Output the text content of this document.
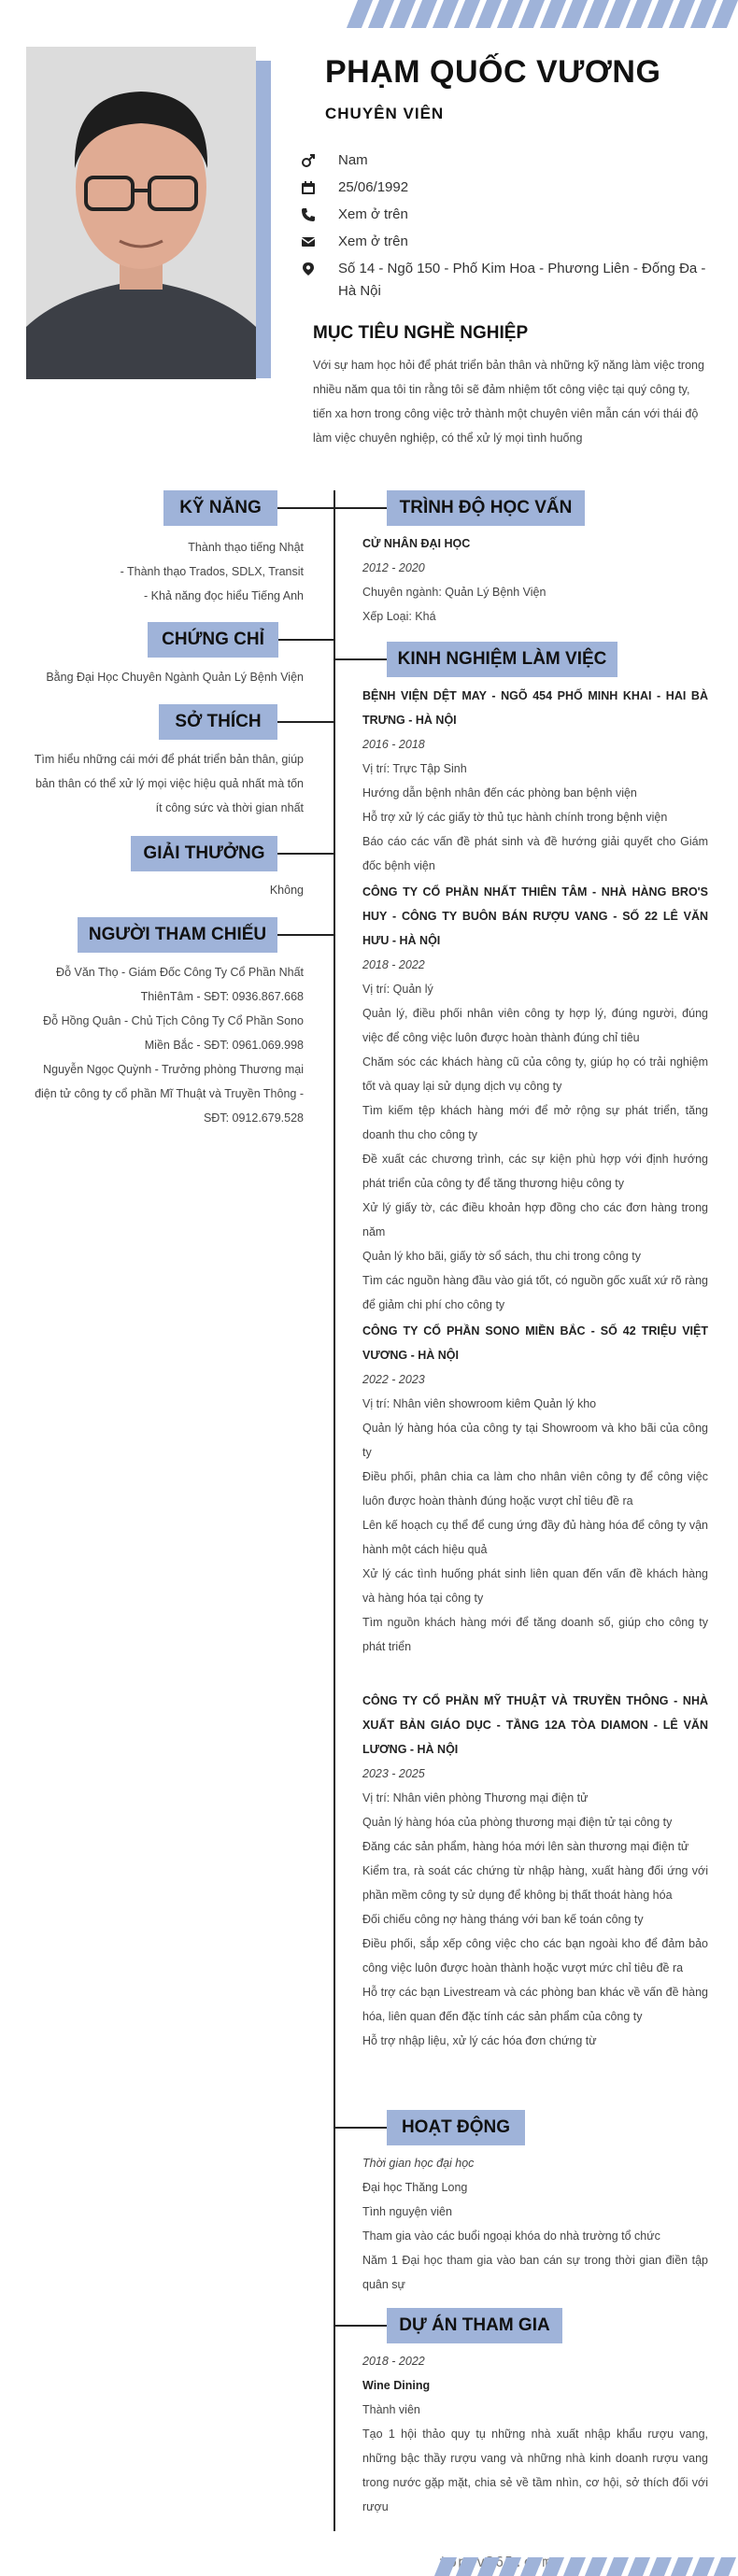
PHẠM QUỐC VƯƠNG
CHUYÊN VIÊN
Nam
25/06/1992
Xem ở trên
Xem ở trên
Số 14 - Ngõ 150 - Phố Kim Hoa - Phương Liên - Đống Đa - Hà Nội
MỤC TIÊU NGHỀ NGHIỆP
Với sự ham học hỏi để phát triển bản thân và những kỹ năng làm việc trong nhiều năm qua tôi tin rằng tôi sẽ đảm nhiệm tốt công việc tại quý công ty, tiến xa hơn trong công việc trở thành một chuyên viên mẫn cán với thái độ làm việc chuyên nghiệp, có thể xử lý mọi tình huống
KỸ NĂNG
Thành thạo tiếng Nhật
- Thành thạo Trados, SDLX, Transit
- Khả năng đọc hiểu Tiếng Anh
CHỨNG CHỈ
Bằng Đại Học Chuyên Ngành Quản Lý Bệnh Viện
SỞ THÍCH
Tìm hiểu những cái mới để phát triển bản thân, giúp
bản thân có thể xử lý mọi việc hiệu quả nhất mà tốn
ít công sức và thời gian nhất
GIẢI THƯỞNG
Không
NGƯỜI THAM CHIẾU
Đỗ Văn Thọ - Giám Đốc Công Ty Cổ Phần Nhất
ThiênTâm - SĐT: 0936.867.668
Đỗ Hồng Quân - Chủ Tịch Công Ty Cổ Phần Sono
Miền Bắc - SĐT: 0961.069.998
Nguyễn Ngọc Quỳnh - Trưởng phòng Thương mại
điện tử công ty cổ phần Mĩ Thuật và Truyền Thông -
SĐT: 0912.679.528
TRÌNH ĐỘ HỌC VẤN
CỬ NHÂN ĐẠI HỌC
2012 - 2020
Chuyên ngành: Quản Lý Bệnh Viện
Xếp Loại: Khá
KINH NGHIỆM LÀM VIỆC
BỆNH VIỆN DỆT MAY - NGÕ 454 PHỐ MINH KHAI - HAI BÀ TRƯNG - HÀ NỘI
2016 - 2018
Vị trí: Trực Tập Sinh
Hướng dẫn bệnh nhân đến các phòng ban bệnh viện
Hỗ trợ xử lý các giấy tờ thủ tục hành chính trong bệnh viện
Báo cáo các vấn đề phát sinh và đề hướng giải quyết cho Giám đốc bệnh viện
CÔNG TY CỔ PHẦN NHẤT THIÊN TÂM - NHÀ HÀNG BRO'S HUY - CÔNG TY BUÔN BÁN RƯỢU VANG - SỐ 22 LÊ VĂN HƯU - HÀ NỘI
2018 - 2022
Vị trí: Quản lý
Quản lý, điều phối nhân viên công ty hợp lý, đúng người, đúng việc để công việc luôn được hoàn thành đúng chỉ tiêu
Chăm sóc các khách hàng cũ của công ty, giúp họ có trải nghiệm tốt và quay lại sử dụng dịch vụ công ty
Tìm kiếm tệp khách hàng mới để mở rộng sự phát triển, tăng doanh thu cho công ty
Đề xuất các chương trình, các sự kiện phù hợp với định hướng phát triển của công ty để tăng thương hiệu công ty
Xử lý giấy tờ, các điều khoản hợp đồng cho các đơn hàng trong năm
Quản lý kho bãi, giấy tờ sổ sách, thu chi trong công ty
Tìm các nguồn hàng đầu vào giá tốt, có nguồn gốc xuất xứ rõ ràng để giảm chi phí cho công ty
CÔNG TY CỔ PHẦN SONO MIỀN BẮC - SỐ 42 TRIỆU VIỆT VƯƠNG - HÀ NỘI
2022 - 2023
Vị trí: Nhân viên showroom kiêm Quản lý kho
Quản lý hàng hóa của công ty tại Showroom và kho bãi của công ty
Điều phối, phân chia ca làm cho nhân viên công ty để công việc luôn được hoàn thành đúng hoặc vượt chỉ tiêu đề ra
Lên kế hoạch cụ thể để cung ứng đầy đủ hàng hóa để công ty vận hành một cách hiệu quả
Xử lý các tình huống phát sinh liên quan đến vấn đề khách hàng và hàng hóa tại công ty
Tìm nguồn khách hàng mới để tăng doanh số, giúp cho công ty phát triển
CÔNG TY CỔ PHẦN MỸ THUẬT VÀ TRUYỀN THÔNG - NHÀ XUẤT BẢN GIÁO DỤC - TẦNG 12A TÒA DIAMON - LÊ VĂN LƯƠNG - HÀ NỘI
2023 - 2025
Vị trí: Nhân viên phòng Thương mại điện tử
Quản lý hàng hóa của phòng thương mại điện tử tại công ty
Đăng các sản phẩm, hàng hóa mới lên sàn thương mại điện tử
Kiểm tra, rà soát các chứng từ nhập hàng, xuất hàng đối ứng với phần mềm công ty sử dụng để không bị thất thoát hàng hóa
Đối chiếu công nợ hàng tháng với ban kế toán công ty
Điều phối, sắp xếp công việc cho các bạn ngoài kho để đảm bảo công việc luôn được hoàn thành hoặc vượt mức chỉ tiêu đề ra
Hỗ trợ các bạn Livestream và các phòng ban khác về vấn đề hàng hóa, liên quan đến đặc tính các sản phẩm của công ty
Hỗ trợ nhập liệu, xử lý các hóa đơn chứng từ
HOẠT ĐỘNG
Thời gian học đại học
Đại học Thăng Long
Tình nguyện viên
Tham gia vào các buổi ngoại khóa do nhà trường tổ chức
Năm 1 Đại học tham gia vào ban cán sự trong thời gian điền tập quân sự
DỰ ÁN THAM GIA
2018 - 2022
Wine Dining
Thành viên
Tạo 1 hội thảo quy tụ những nhà xuất nhập khẩu rượu vang, những bậc thầy rượu vang và những nhà kinh doanh rượu vang trong nước gặp mặt, chia sẻ về tầm nhìn, cơ hội, sở thích đối với rượu
